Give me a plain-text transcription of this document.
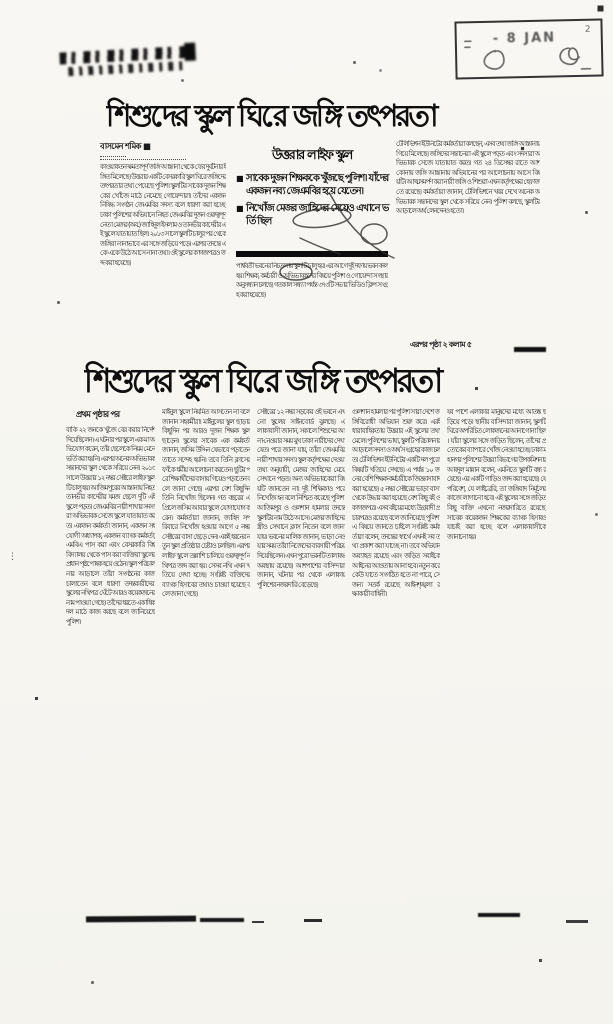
- 8 JAN
2
শিশুদের স্কুল ঘিরে জঙ্গি তৎপরতা
বাসমেন শমিক ■
কাওয়াকতন ক্ষমতাপূর্ণ জঙ্গি আস্তানা থেকে ফের দুর্ঘটনার ইঙ্গিত মিলেছে। উত্তরার একটি বেসরকারি স্কুল ঘিরে জঙ্গিদের তৎপরতার তথ্য পেয়েছে পুলিশ। স্কুলটির সাবেক দুজন শিক্ষকের খোঁজে মাঠে নেমেছে গোয়েন্দারা। তাঁদের একজন নিষিদ্ধ সংগঠন জেএমবির সদস্য বলে ধারণা করা হচ্ছে। ঢাকা পুলিশের অভিযানে নিহত জেএমবির দুজন গুরুত্বপূর্ণ নেতা মেজর (অব.) জাহিদুল ইসলাম ও তানভীর কাদেরীর এই স্কুলে যাতায়াত ছিল। ২০১৩ সালে স্কুলটি চালুর পর থেকে জঙ্গিরা নানাভাবে এর সঙ্গে জড়িয়ে পড়ে। এরপর তদন্তে একে একে উঠে আসে নানা তথ্য। ওই স্কুলের কাগজপত্রও জব্দ করা হয়েছে।
উত্তরার লাইফ স্কুল
■ সাবেক দুজন শিক্ষককে খুঁজছে পুলিশ। যাঁদের একজন নব্য জেএমবির হয়ে যেতেন।
■ নিখোঁজ মেজর জাহিদের মেয়েও এখানে ভর্তি ছিল
পার্শ্ববর্তী ভবনের নিচতলায় স্কুলটি চালু হয়। এর আগে দুই দফায় ভবন বদল হয়। শিক্ষক, কর্মচারী ও অভিভাবকদের বিষয়ে পুলিশ ও গোয়েন্দা সংস্থার অনুসন্ধান চলছে। গতকাল সন্ধ্যা পর্যন্ত ৩৭৩টি সভার ভিডিও ক্লিপ সংগ্রহ করা হয়েছে।
টেলিভিশন ইউনিটের কর্মকর্তারা বলছেন, এসব তথ্য জঙ্গি আস্তানায় গিয়ে মিলেছে। জঙ্গিদের সন্তানেরা এই স্কুলে পড়ত এবং সদস্যরা অভিভাবক সেজে যাতায়াত করত। গত ২৪ ডিসেম্বর রাতে আশকোনায় জঙ্গি আস্তানায় অভিযানের পর আলোচনায় আসে বিষয়টি। আত্মসমর্পণ করা নারী জঙ্গি ও শিশুরা এখন কর্তৃপক্ষের হেফাজতে রয়েছে। কর্মকর্তারা জানান, টেলিভিশনে খবর দেখে অনেক অভিভাবক সন্তানদের স্কুল থেকে সরিয়ে নেন। পুলিশ বলছে, স্কুলটির আড়ালে অর্থ লেনদেনও হতো।
এরপর পৃষ্ঠা ২ কলাম ৫
শিশুদের স্কুল ঘিরে জঙ্গি তৎপরতা
প্রথম পৃষ্ঠার পর
বাকি ২২ জনকে খুঁজে বের করার নির্দেশ দিয়েছিলেন। এ ঘটনার পর স্কুলে এক মা অভিযোগ করেন, তাঁর ছেলেকে নিয়ম মেনে ভর্তি করা হয়নি। এরপর অনেক অভিভাবক সন্তানদের স্কুল থেকে সরিয়ে নেন। ২০১৩ সালে উত্তরার ১২ নম্বর সেক্টরে লাইফ স্কুলটি চালু হয়। আজিমপুরের আস্তানায় নিহত তানভীর কাদেরীর যমজ ছেলে দুটি এই স্কুলে পড়ত। জেএমবির নারী শাখার সদস্যরা অভিভাবক সেজে স্কুলে যাতায়াত করত। একজন কর্মকর্তা জানান, একজন সহযোগী অধ্যাপক, একজন ব্যাংক কর্মকর্তা, এমবিএ পাস করা এবং বেসরকারি বিশ্ববিদ্যালয় থেকে পাস করা ব্যক্তিরা স্কুলের প্রধান পৃষ্ঠপোষক হয়ে ওঠেন। স্কুল পরিচালনার আড়ালে তাঁরা সংগঠনের কাজ চালাতেন বলে ধারণা তদন্তকারীদের। স্কুলের নথিপত্র ঘেঁটে আরও কয়েকজনের নাম পাওয়া গেছে। তাঁদের ধরতে একাধিক দল মাঠে কাজ করছে বলে জানিয়েছে পুলিশ।
মাইনুল স্কুলে নিয়মিত আসতেন না বলে জানান সহকর্মীরা। মাইনুলের স্কুল ছাড়ার কিছুদিন পর আরও দুজন শিক্ষক স্কুল ছাড়েন। স্কুলের সাবেক এক কর্মকর্তা জানান, জসিম উদ্দিন যেভাবে পড়াতেন তাতে সন্দেহ হয়নি। তবে তিনি ক্লাসের ফাঁকে ধর্মীয় আলোচনা করতেন। ছুটির পরে শিক্ষার্থীদের বাসায় গিয়েও পড়াতেন বলে জানা গেছে। এরপর বেশ কিছুদিন তিনি নিখোঁজ ছিলেন। গত বছরের এপ্রিলে জসিম আবার স্কুলে যোগাযোগ করেন। কর্মকর্তারা জানান, জাহিদ সপরিবারে নিখোঁজ হওয়ার আগে ৫ নম্বর সেক্টরের বাসা ছেড়ে দেন। একই ধরনের নতুন স্কুল প্রতিষ্ঠার চেষ্টাও চলছিল। এরপর লাইফ স্কুলে তল্লাশি চালিয়ে গুরুত্বপূর্ণ নথিপত্র জব্দ করা হয়। সেসব নথি এখন খতিয়ে দেখা হচ্ছে। সংশ্লিষ্ট ব্যক্তিদের ব্যাংক হিসাবের তথ্যও চাওয়া হয়েছে বলে জানা গেছে।
সেক্টরের ১২ নম্বর সড়কের ওই ভবনে এখনো স্কুলের সাইনবোর্ড ঝুলছে। এলাকাবাসী জানান, সকালে শিশুদের আনা-নেওয়ার সময় মুখ ঢাকা নারীদের দেখা যেত। পরে জানা যায়, তাঁরা জেএমবির নারী শাখার সদস্য। স্কুল কর্তৃপক্ষের দেওয়া তথ্য অনুযায়ী, মেজর জাহিদের মেয়ে সেখানে পড়ত। অন্য অভিভাবকেরা বিষয়টি জানতেন না। দুই শিক্ষিকাও পরে নিখোঁজ হন বলে নিশ্চিত করেছে পুলিশ। আজিমপুর ও গুলশান হামলার তদন্তে স্কুলটির নাম উঠে আসে। মেজর জাহিদের স্ত্রীও সেখানে ক্লাস নিতেন বলে জানা যায়। ভবনের মালিক জানান, ভাড়া নেওয়ার সময় তাঁরা নিজেদের ব্যবসায়ী পরিচয় দিয়েছিলেন। এখন পুরো ভবনটি তালাবদ্ধ অবস্থায় রয়েছে। আশপাশের বাসিন্দারা জানান, ঘটনার পর থেকে এলাকায় পুলিশের নজরদারি বেড়েছে।
গুলশান হামলার পর পুলিশ সারা দেশে জঙ্গিবিরোধী অভিযান শুরু করে। এরই ধারাবাহিকতায় উত্তরার এই স্কুলের তথ্য মেলে। পুলিশের ভাষ্য, স্কুলটি পরিচালনার আড়ালে সদস্য ও অর্থ সংগ্রহের কাজ চলত। টেলিভিশন ইউনিটের একটি দল পুরো বিষয়টি খতিয়ে দেখছে। এ পর্যন্ত ১০ জনের বেশি শিক্ষক-কর্মচারীকে জিজ্ঞাসাবাদ করা হয়েছে। ৫ নম্বর সেক্টরের ভাড়া বাসা থেকে উদ্ধার করা হয়েছে বেশ কিছু বই ও কাগজপত্র। এসব বইয়ের মধ্যে উগ্রবাদী প্রচারপত্রও রয়েছে বলে জানিয়েছে পুলিশ। এ বিষয়ে জানতে চাইলে সংশ্লিষ্ট কর্মকর্তারা বলেন, তদন্তের স্বার্থে এখনই সব তথ্য প্রকাশ করা যাচ্ছে না। তবে অভিযান অব্যাহত রয়েছে এবং জড়িত সবাইকে আইনের আওতায় আনা হবে। নতুন করে কেউ যাতে সংগঠিত হতে না পারে, সে জন্য সতর্ক রয়েছে আইনশৃঙ্খলা রক্ষাকারী বাহিনী।
যব পাশে এলাকার মানুষদের মধ্যে আতঙ্ক ছড়িয়ে পড়ে। স্থানীয় বাসিন্দারা জানান, স্কুলটি ঘিরে অপরিচিত লোকজনের আনাগোনা ছিল। যাঁরা স্কুলের সঙ্গে জড়িত ছিলেন, তাঁদের প্রত্যেকের ব্যাপারে খোঁজ নেওয়া হচ্ছে। ঢাকা মহানগর পুলিশের উত্তরা বিভাগের উপকমিশনার আবদুল মান্নান বলেন, এমনিতে স্কুলটি বন্ধ রয়েছে। এর একটি গাড়িও জব্দ করা হয়েছে। যে পরিবেশ, যে লাইব্রেরি, তা জঙ্গিবাদ নির্মূলের কাজে লাগানো হবে। এই স্কুলের সঙ্গে জড়িত কিছু ব্যক্তি এখনো নজরদারিতে রয়েছে। সাবেক কয়েকজন শিক্ষকের ব্যাংক হিসাবও যাচাই করা হচ্ছে বলে এলাকাবাসীকে জানানো হয়।
⋮
